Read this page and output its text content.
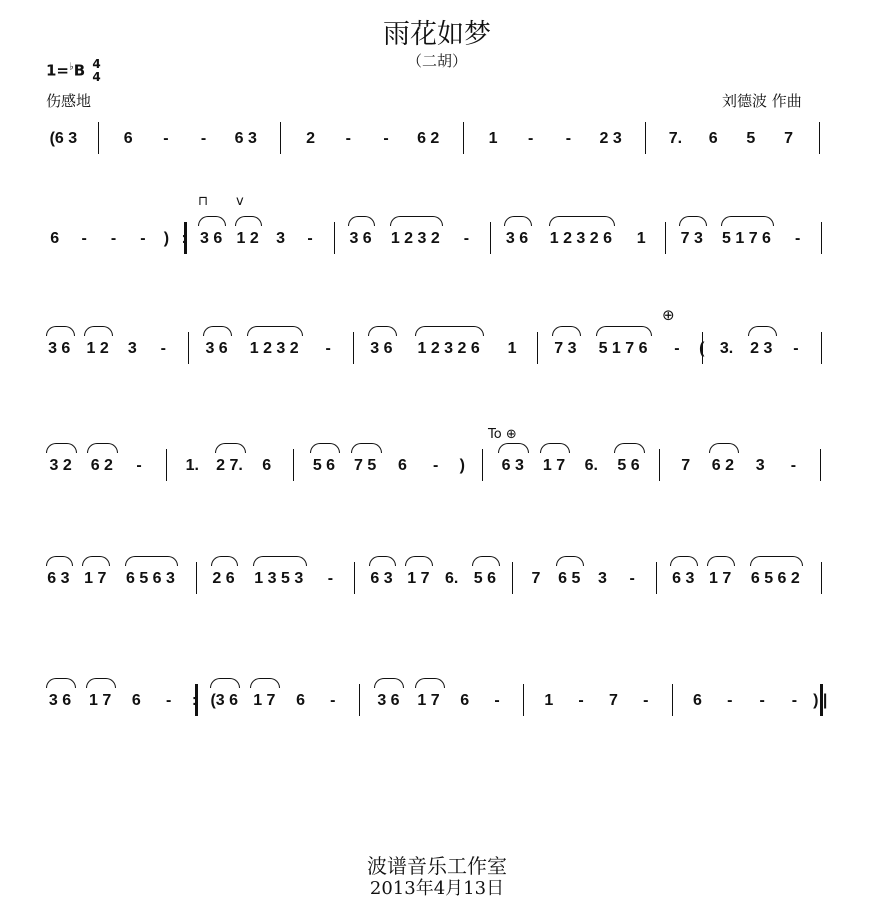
雨花如梦
（二胡）
1=♭B 4
4
伤感地	刘德波 作曲
(6 3	6	-	-	6 3	2	-	-	6 2	1	-	-	2 3	7.	6	5	7
⊓ v
6	-	-	-	) : 3 6 1 2	3	-	3 6	1 2 3 2	-	3 6	1 2 3 2 6	1	7 3	5 1 7 6	-
⊕
3 6	1 2	3	-	3 6	1 2 3 2	-	3 6	1 2 3 2 6	1	7 3	5 1 7 6	-	( 3.	2 3	-
To ⊕
3 2	6 2	-	1.	2 7.	6	5 6	7 5	6	-	)	6 3	1 7	6.	5 6	7	6 2	3	-
6 3 1 7	6 5 6 3	2 6	1 3 5 3	-	6 3 1 7 6. 5 6	7	6 5	3	-	6 3 1 7	6 5 6 2
3 6	1 7	6	-	: (3 6 1 7	6	-	3 6	1 7	6	-	1	-	7	-	6	-	-	-	) |
波谱音乐工作室
2013年4月13日
